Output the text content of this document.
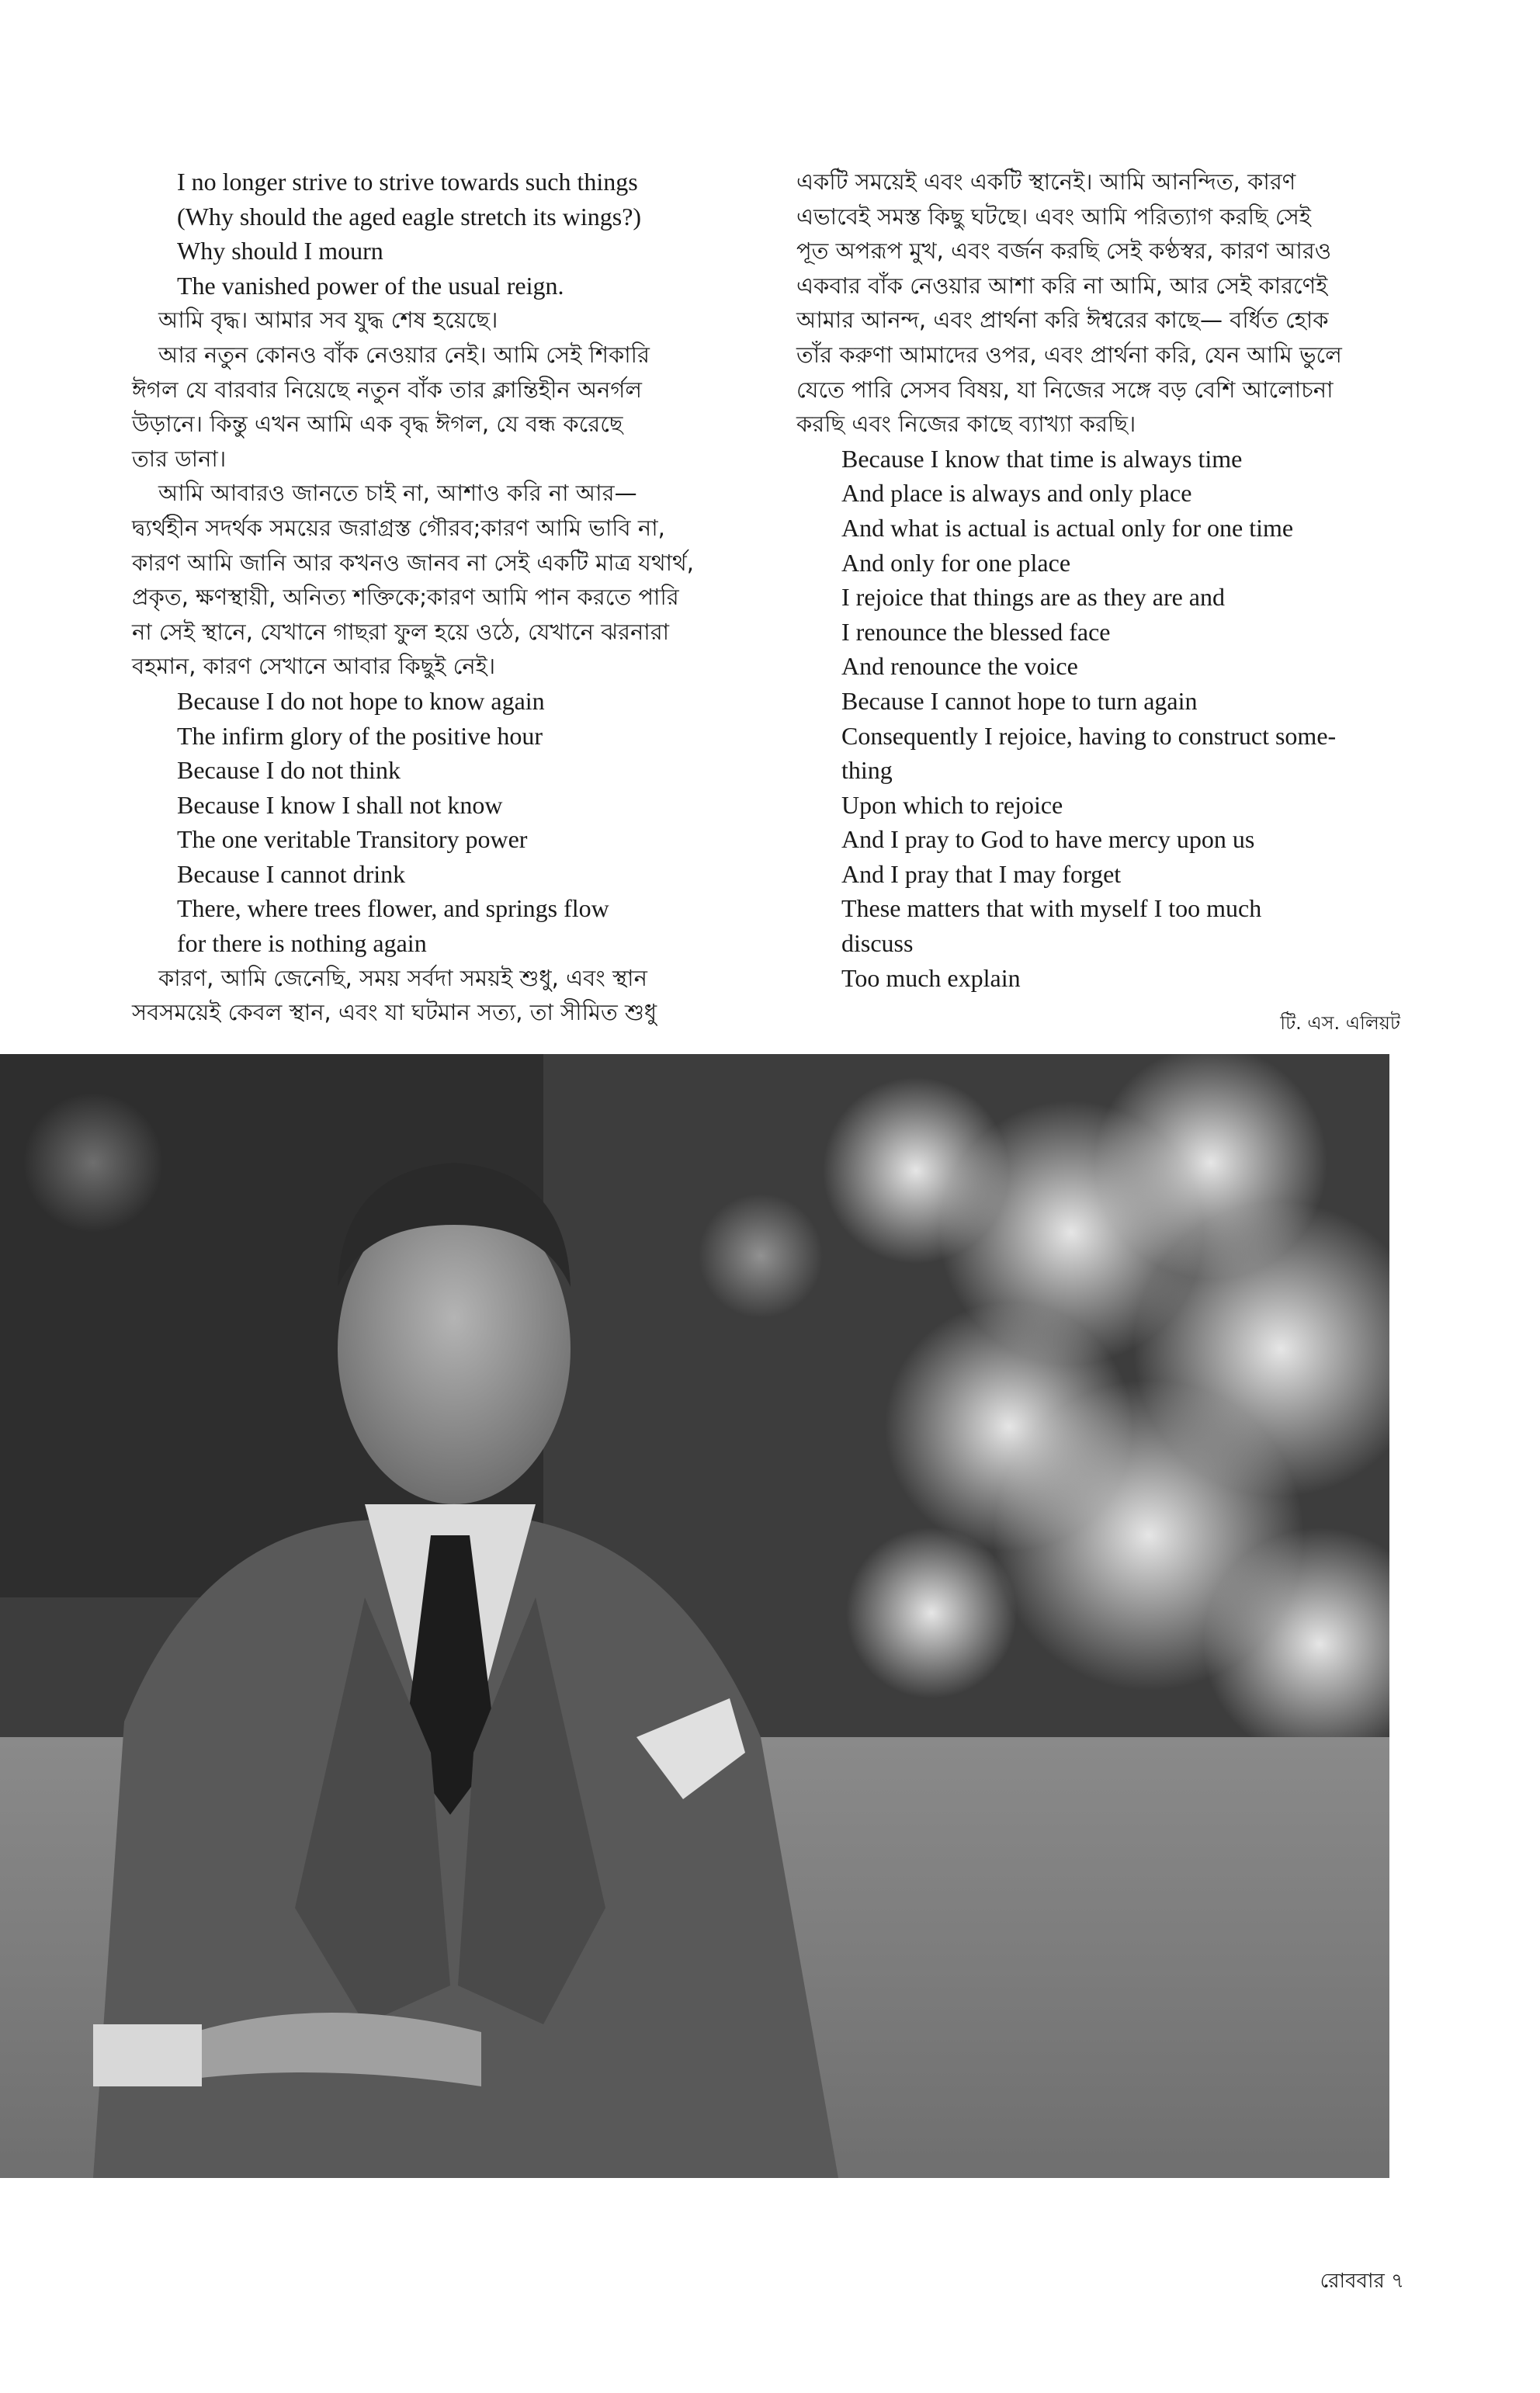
I no longer strive to strive towards such things
(Why should the aged eagle stretch its wings?)
Why should I mourn
The vanished power of the usual reign.
আমি বৃদ্ধ। আমার সব যুদ্ধ শেষ হয়েছে।
আর নতুন কোনও বাঁক নেওয়ার নেই। আমি সেই শিকারি
ঈগল যে বারবার নিয়েছে নতুন বাঁক তার ক্লান্তিহীন অনর্গল
উড়ানে। কিন্তু এখন আমি এক বৃদ্ধ ঈগল, যে বন্ধ করেছে
তার ডানা।
আমি আবারও জানতে চাই না, আশাও করি না আর—
দ্ব্যর্থহীন সদর্থক সময়ের জরাগ্রস্ত গৌরব;কারণ আমি ভাবি না,
কারণ আমি জানি আর কখনও জানব না সেই একটি মাত্র যথার্থ,
প্রকৃত, ক্ষণস্থায়ী, অনিত্য শক্তিকে;কারণ আমি পান করতে পারি
না সেই স্থানে, যেখানে গাছরা ফুল হয়ে ওঠে, যেখানে ঝরনারা
বহমান, কারণ সেখানে আবার কিছুই নেই।
Because I do not hope to know again
The infirm glory of the positive hour
Because I do not think
Because I know I shall not know
The one veritable Transitory power
Because I cannot drink
There, where trees flower, and springs flow
for there is nothing again
কারণ, আমি জেনেছি, সময় সর্বদা সময়ই শুধু, এবং স্থান
সবসময়েই কেবল স্থান, এবং যা ঘটমান সত্য, তা সীমিত শুধু
একটি সময়েই এবং একটি স্থানেই। আমি আনন্দিত, কারণ
এভাবেই সমস্ত কিছু ঘটছে। এবং আমি পরিত্যাগ করছি সেই
পূত অপরূপ মুখ, এবং বর্জন করছি সেই কণ্ঠস্বর, কারণ আরও
একবার বাঁক নেওয়ার আশা করি না আমি, আর সেই কারণেই
আমার আনন্দ, এবং প্রার্থনা করি ঈশ্বরের কাছে— বর্ধিত হোক
তাঁর করুণা আমাদের ওপর, এবং প্রার্থনা করি, যেন আমি ভুলে
যেতে পারি সেসব বিষয়, যা নিজের সঙ্গে বড় বেশি আলোচনা
করছি এবং নিজের কাছে ব্যাখ্যা করছি।
Because I know that time is always time
And place is always and only place
And what is actual is actual only for one time
And only for one place
I rejoice that things are as they are and
I renounce the blessed face
And renounce the voice
Because I cannot hope to turn again
Consequently I rejoice, having to construct some-
thing
Upon which to rejoice
And I pray to God to have mercy upon us
And I pray that I may forget
These matters that with myself I too much
discuss
Too much explain
টি. এস. এলিয়ট
রোববার ৭
